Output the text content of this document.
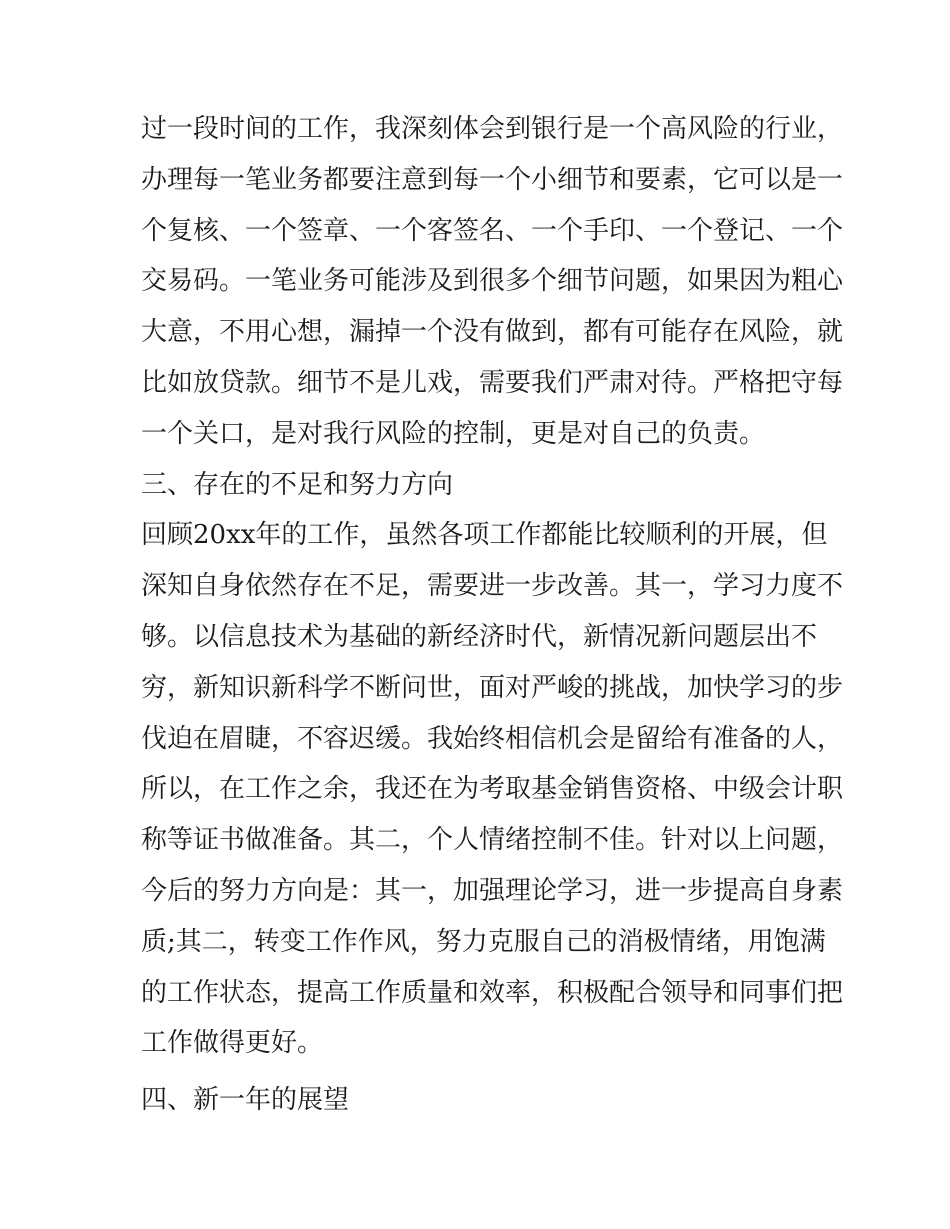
过一段时间的工作，我深刻体会到银行是一个高风险的行业，
办理每一笔业务都要注意到每一个小细节和要素，它可以是一
个复核、一个签章、一个客签名、一个手印、一个登记、一个
交易码。一笔业务可能涉及到很多个细节问题，如果因为粗心
大意，不用心想，漏掉一个没有做到，都有可能存在风险，就
比如放贷款。细节不是儿戏，需要我们严肃对待。严格把守每
一个关口，是对我行风险的控制，更是对自己的负责。
三、存在的不足和努力方向
回顾20xx年的工作，虽然各项工作都能比较顺利的开展，但
深知自身依然存在不足，需要进一步改善。其一，学习力度不
够。以信息技术为基础的新经济时代，新情况新问题层出不
穷，新知识新科学不断问世，面对严峻的挑战，加快学习的步
伐迫在眉睫，不容迟缓。我始终相信机会是留给有准备的人，
所以，在工作之余，我还在为考取基金销售资格、中级会计职
称等证书做准备。其二，个人情绪控制不佳。针对以上问题，
今后的努力方向是：其一，加强理论学习，进一步提高自身素
质;其二，转变工作作风，努力克服自己的消极情绪，用饱满
的工作状态，提高工作质量和效率，积极配合领导和同事们把
工作做得更好。
四、新一年的展望
